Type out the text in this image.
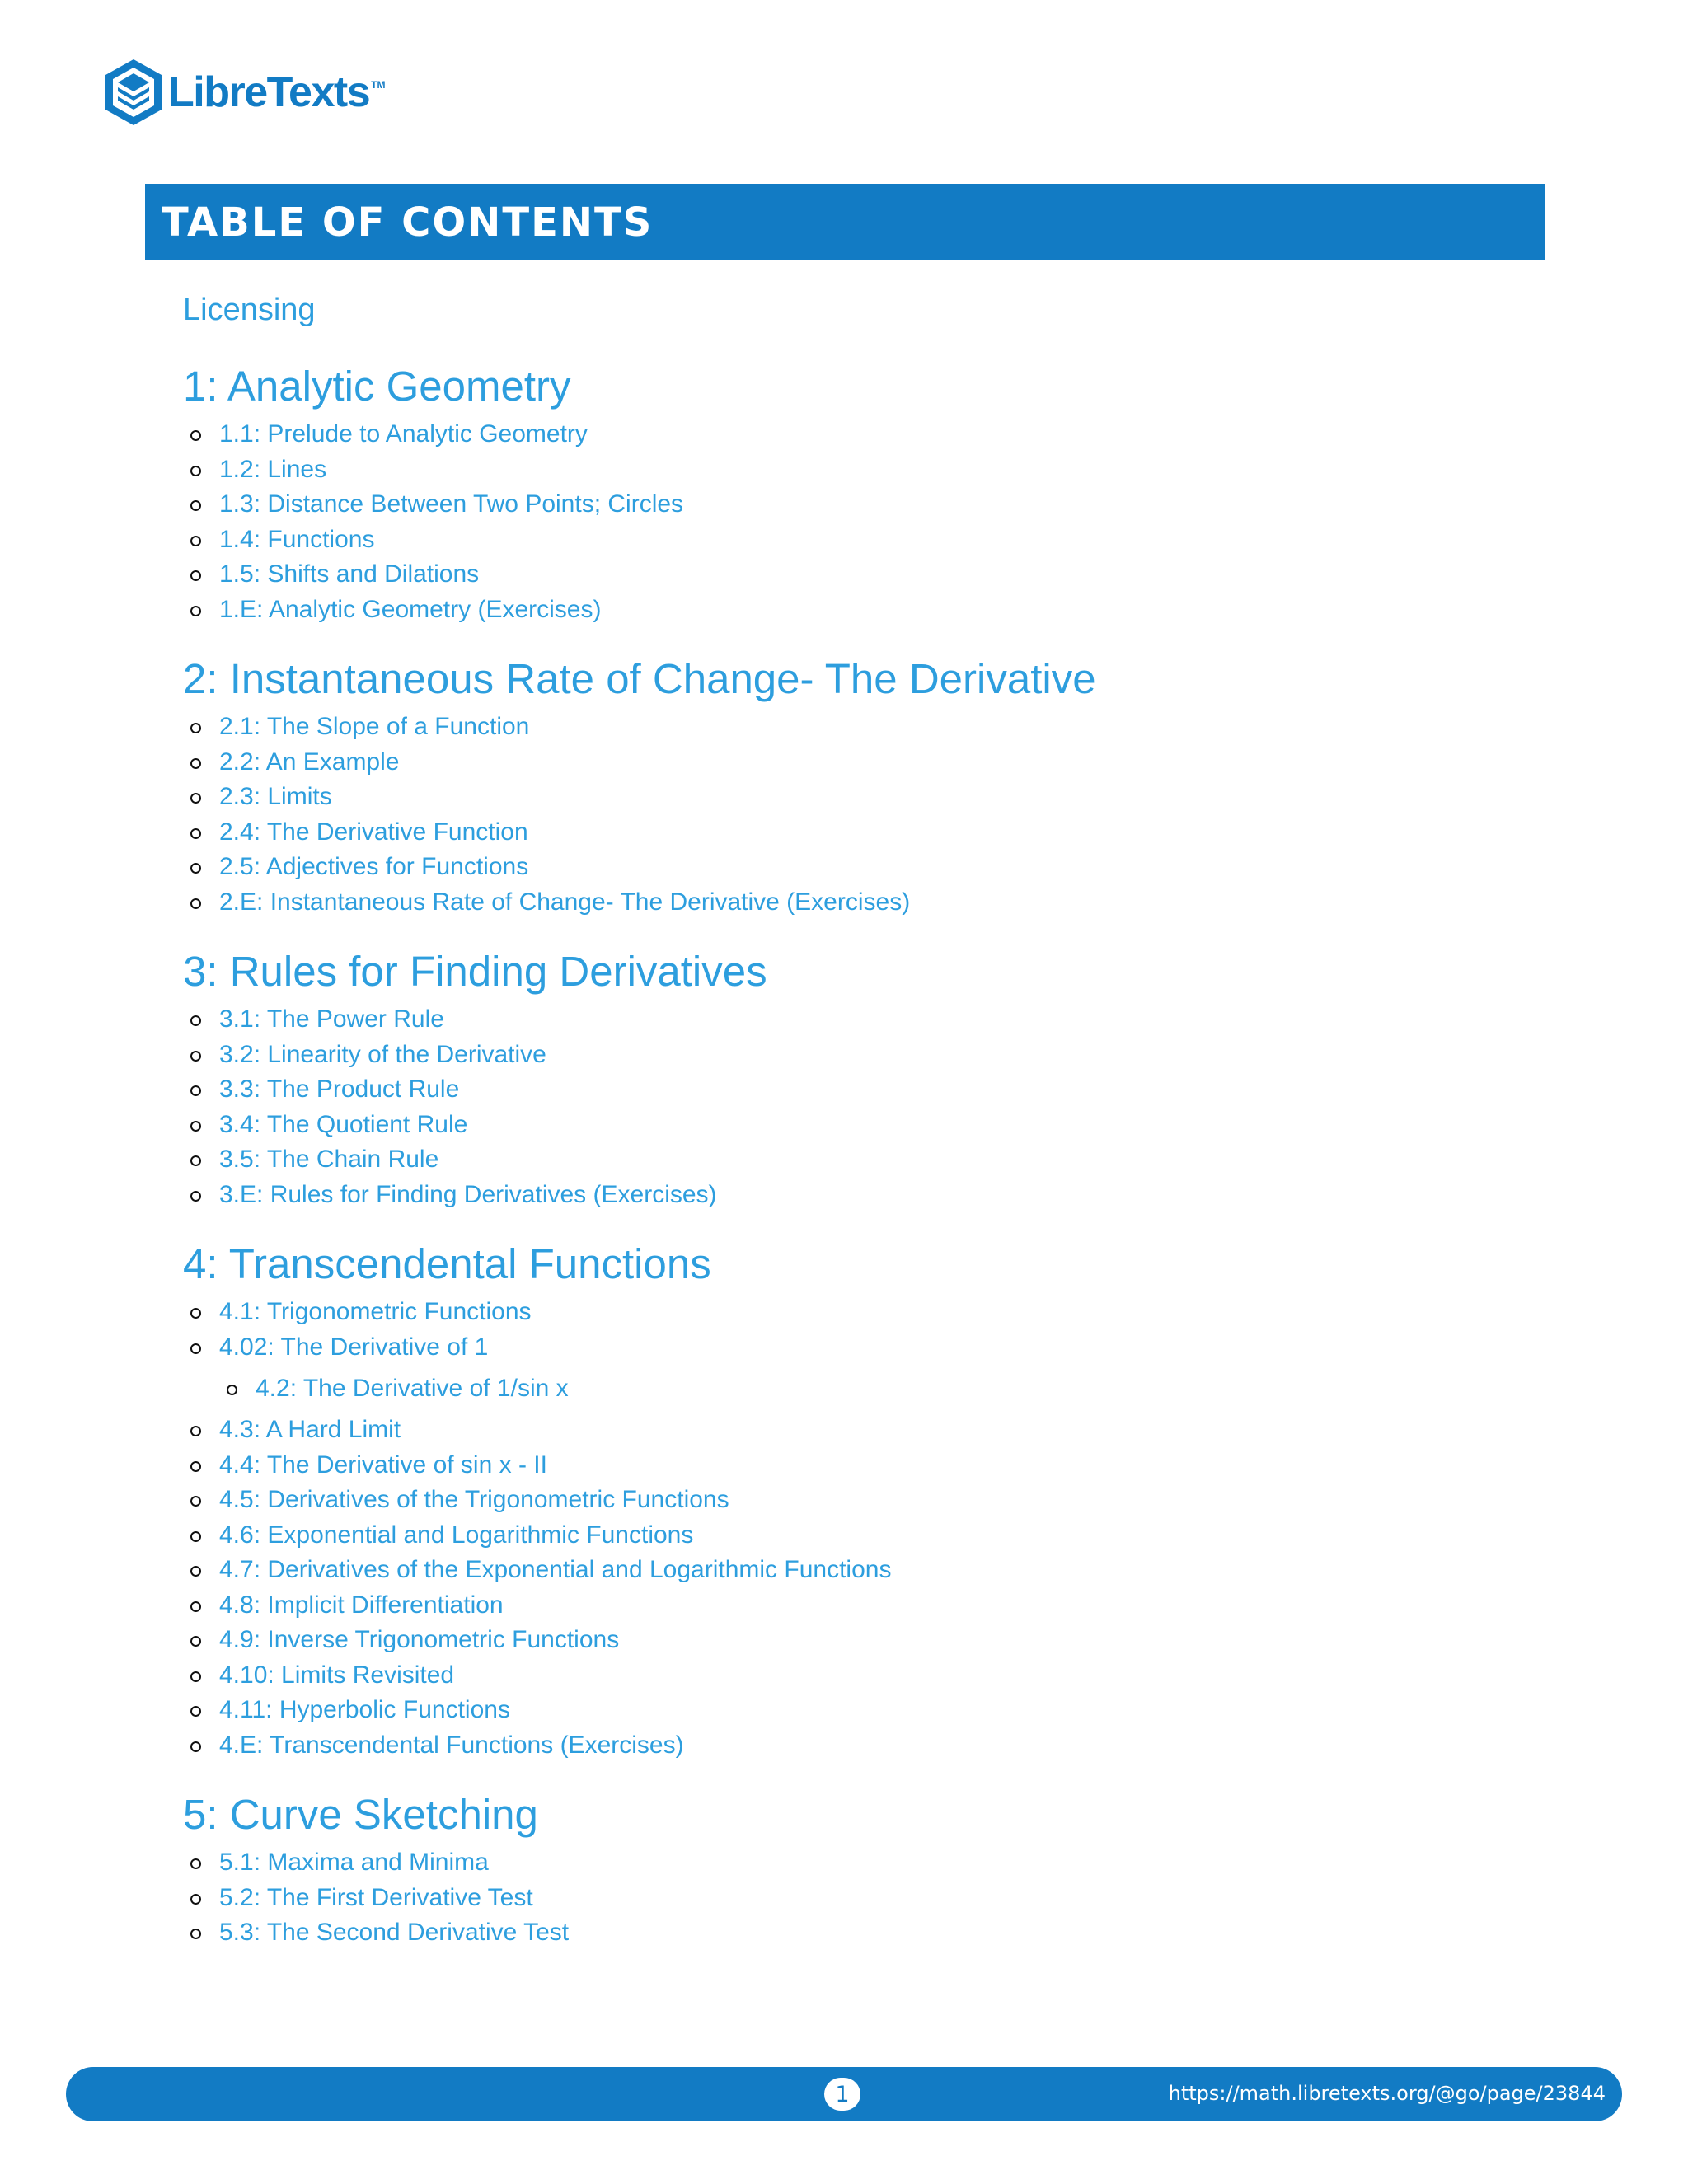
LibreTexts TM
TABLE OF CONTENTS
Licensing
1: Analytic Geometry
1.1: Prelude to Analytic Geometry
1.2: Lines
1.3: Distance Between Two Points; Circles
1.4: Functions
1.5: Shifts and Dilations
1.E: Analytic Geometry (Exercises)
2: Instantaneous Rate of Change- The Derivative
2.1: The Slope of a Function
2.2: An Example
2.3: Limits
2.4: The Derivative Function
2.5: Adjectives for Functions
2.E: Instantaneous Rate of Change- The Derivative (Exercises)
3: Rules for Finding Derivatives
3.1: The Power Rule
3.2: Linearity of the Derivative
3.3: The Product Rule
3.4: The Quotient Rule
3.5: The Chain Rule
3.E: Rules for Finding Derivatives (Exercises)
4: Transcendental Functions
4.1: Trigonometric Functions
4.02: The Derivative of 1
4.2: The Derivative of 1/sin x
4.3: A Hard Limit
4.4: The Derivative of sin x - II
4.5: Derivatives of the Trigonometric Functions
4.6: Exponential and Logarithmic Functions
4.7: Derivatives of the Exponential and Logarithmic Functions
4.8: Implicit Differentiation
4.9: Inverse Trigonometric Functions
4.10: Limits Revisited
4.11: Hyperbolic Functions
4.E: Transcendental Functions (Exercises)
5: Curve Sketching
5.1: Maxima and Minima
5.2: The First Derivative Test
5.3: The Second Derivative Test
1	https://math.libretexts.org/@go/page/23844
